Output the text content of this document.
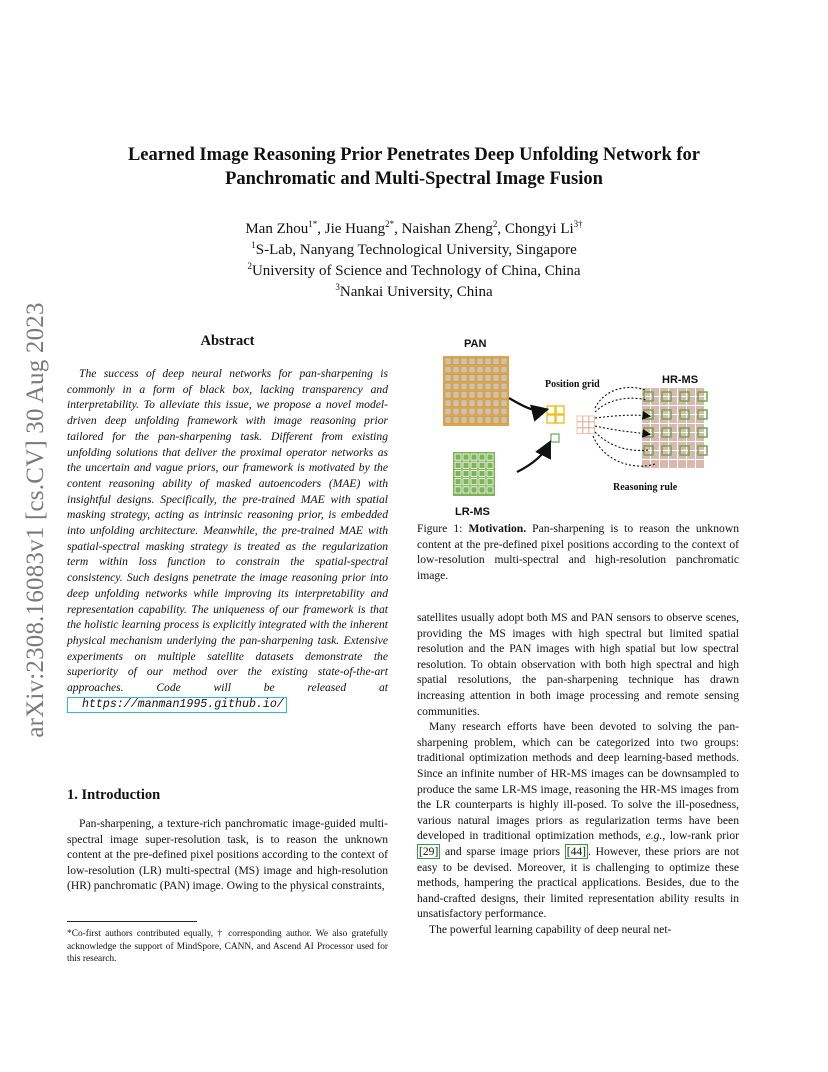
arXiv:2308.16083v1 [cs.CV] 30 Aug 2023
Learned Image Reasoning Prior Penetrates Deep Unfolding Network for
Panchromatic and Multi-Spectral Image Fusion
Man Zhou$^{1*}$, Jie Huang$^{2*}$, Naishan Zheng$^2$, Chongyi $Li^{3\dagger}$
$^1$S-Lab, Nanyang Technological University, Singapore
$^2$University of Science and Technology of China, China
$^3$Nankai University, China
Abstract
The success of deep neural networks for pan-sharpening is commonly in a form of black box, lacking transparency and interpretability. To alleviate this issue, we propose a novel model-driven deep unfolding framework with image reasoning prior tailored for the pan-sharpening task. Different from existing unfolding solutions that deliver the proximal operator networks as the uncertain and vague priors, our framework is motivated by the content reasoning ability of masked autoencoders (MAE) with insightful designs. Specifically, the pre-trained MAE with spatial masking strategy, acting as intrinsic reasoning prior, is embedded into unfolding architecture. Meanwhile, the pre-trained MAE with spatial-spectral masking strategy is treated as the regularization term within loss function to constrain the spatial-spectral consistency. Such designs penetrate the image reasoning prior into deep unfolding networks while improving its interpretability and representation capability. The uniqueness of our framework is that the holistic learning process is explicitly integrated with the inherent physical mechanism underlying the pan-sharpening task. Extensive experiments on multiple satellite datasets demonstrate the superiority of our method over the existing state-of-the-art approaches. Code will be released at https://manman1995.github.io/
1. Introduction
Pan-sharpening, a texture-rich panchromatic image-guided multi-spectral image super-resolution task, is to reason the unknown content at the pre-defined pixel positions according to the context of low-resolution (LR) multi-spectral (MS) image and high-resolution (HR) panchromatic (PAN) image. Owing to the physical constraints,
*Co-first authors contributed equally, † corresponding author. We also gratefully acknowledge the support of MindSpore, CANN, and Ascend AI Processor used for this research.
PAN
LR-MS
HR-MS
Position grid
Reasoning rule
Figure 1: Motivation. Pan-sharpening is to reason the unknown content at the pre-defined pixel positions according to the context of low-resolution multi-spectral and high-resolution panchromatic image.

satellites usually adopt both MS and PAN sensors to observe scenes, providing the MS images with high spectral but limited spatial resolution and the PAN images with high spatial but low spectral resolution. To obtain observation with both high spectral and high spatial resolutions, the pan-sharpening technique has drawn increasing attention in both image processing and remote sensing communities.

Many research efforts have been devoted to solving the pan-sharpening problem, which can be categorized into two groups: traditional optimization methods and deep learning-based methods. Since an infinite number of HR-MS images can be downsampled to produce the same LR-MS image, reasoning the HR-MS images from the LR counterparts is highly ill-posed. To solve the ill-posedness, various natural images priors as regularization terms have been developed in traditional optimization methods, e.g., low-rank prior [29] and sparse image priors [44] . However, these priors are not easy to be devised. Moreover, it is challenging to optimize these methods, hampering the practical applications. Besides, due to the hand-crafted designs, their limited representation ability results in unsatisfactory performance.

The powerful learning capability of deep neural net-
